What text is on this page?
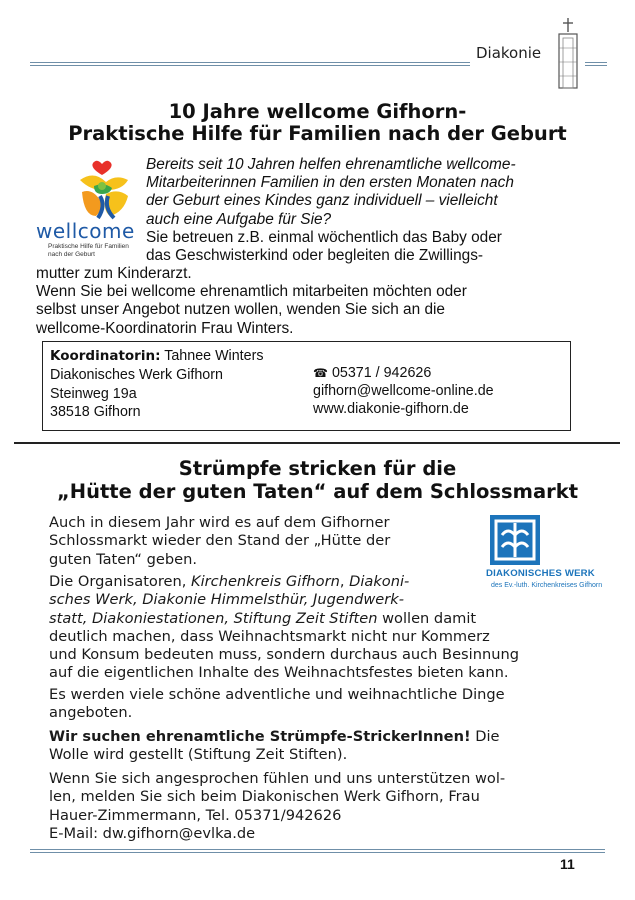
Diakonie
10 Jahre wellcome Gifhorn-
Praktische Hilfe für Familien nach der Geburt
wellcome
Praktische Hilfe für Familien
nach der Geburt
Bereits seit 10 Jahren helfen ehrenamtliche wellcome-
Mitarbeiterinnen Familien in den ersten Monaten nach
der Geburt eines Kindes ganz individuell – vielleicht
auch eine Aufgabe für Sie?
Sie betreuen z.B. einmal wöchentlich das Baby oder
das Geschwisterkind oder begleiten die Zwillings-
mutter zum Kinderarzt.
Wenn Sie bei wellcome ehrenamtlich mitarbeiten möchten oder
selbst unser Angebot nutzen wollen, wenden Sie sich an die
wellcome-Koordinatorin Frau Winters.
Koordinatorin: Tahnee Winters
Diakonisches Werk Gifhorn
Steinweg 19a
38518 Gifhorn
☎ 05371 / 942626
gifhorn@wellcome-online.de
www.diakonie-gifhorn.de
Strümpfe stricken für die
„Hütte der guten Taten“ auf dem Schlossmarkt
DIAKONISCHES WERK
des Ev.-luth. Kirchenkreises Gifhorn
Auch in diesem Jahr wird es auf dem Gifhorner
Schlossmarkt wieder den Stand der „Hütte der
guten Taten“ geben.
Die Organisatoren, Kirchenkreis Gifhorn, Diakoni-
sches Werk, Diakonie Himmelsthür, Jugendwerk-
statt, Diakoniestationen, Stiftung Zeit Stiften wollen damit
deutlich machen, dass Weihnachtsmarkt nicht nur Kommerz
und Konsum bedeuten muss, sondern durchaus auch Besinnung
auf die eigentlichen Inhalte des Weihnachtsfestes bieten kann.
Es werden viele schöne adventliche und weihnachtliche Dinge
angeboten.
Wir suchen ehrenamtliche Strümpfe-StrickerInnen! Die
Wolle wird gestellt (Stiftung Zeit Stiften).
Wenn Sie sich angesprochen fühlen und uns unterstützen wol-
len, melden Sie sich beim Diakonischen Werk Gifhorn, Frau
Hauer-Zimmermann, Tel. 05371/942626
E-Mail: dw.gifhorn@evlka.de
11
